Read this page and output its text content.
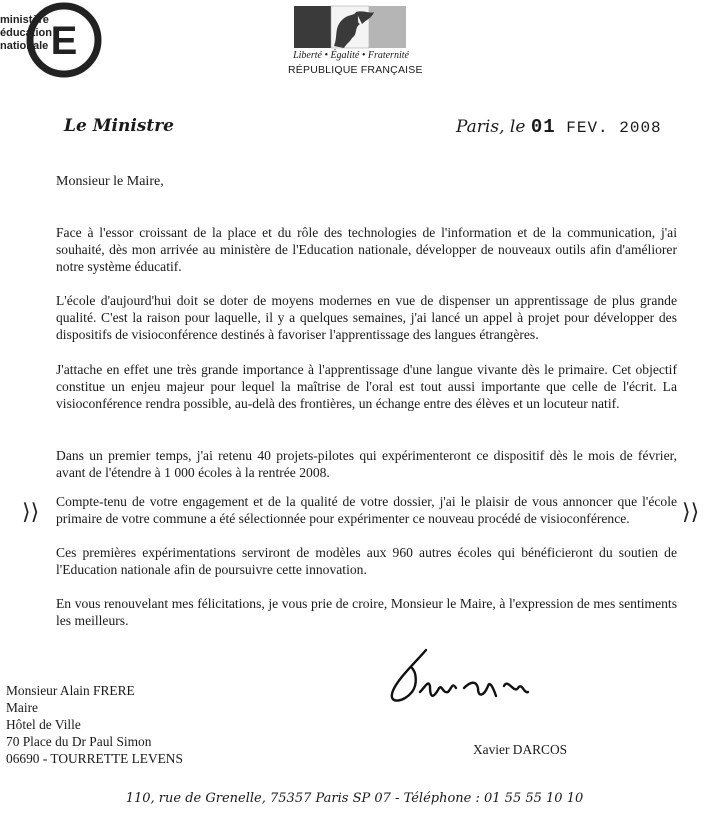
ministère
éducation
nationale E	Liberté • Égalité • Fraternité
RÉPUBLIQUE FRANÇAISE
Le Ministre	Paris, le 01 FEV. 2008
Monsieur le Maire,

Face à l'essor croissant de la place et du rôle des technologies de l'information et de la communication, j'ai souhaité, dès mon arrivée au ministère de l'Education nationale, développer de nouveaux outils afin d'améliorer notre système éducatif.

L'école d'aujourd'hui doit se doter de moyens modernes en vue de dispenser un apprentissage de plus grande qualité. C'est la raison pour laquelle, il y a quelques semaines, j'ai lancé un appel à projet pour développer des dispositifs de visioconférence destinés à favoriser l'apprentissage des langues étrangères.

J'attache en effet une très grande importance à l'apprentissage d'une langue vivante dès le primaire. Cet objectif constitue un enjeu majeur pour lequel la maîtrise de l'oral est tout aussi importante que celle de l'écrit. La visioconférence rendra possible, au-delà des frontières, un échange entre des élèves et un locuteur natif.

Dans un premier temps, j'ai retenu 40 projets-pilotes qui expérimenteront ce dispositif dès le mois de février, avant de l'étendre à 1 000 écoles à la rentrée 2008.

Compte-tenu de votre engagement et de la qualité de votre dossier, j'ai le plaisir de vous annoncer que l'école primaire de votre commune a été sélectionnée pour expérimenter ce nouveau procédé de visioconférence.

Ces premières expérimentations serviront de modèles aux 960 autres écoles qui bénéficieront du soutien de l'Education nationale afin de poursuivre cette innovation.

En vous renouvelant mes félicitations, je vous prie de croire, Monsieur le Maire, à l'expression de mes sentiments les meilleurs.

⟩⟩	⟩⟩
Monsieur Alain FRERE
Maire
Hôtel de Ville
70 Place du Dr Paul Simon
06690 - TOURRETTE LEVENS
Xavier DARCOS
110, rue de Grenelle, 75357 Paris SP 07 - Téléphone : 01 55 55 10 10
